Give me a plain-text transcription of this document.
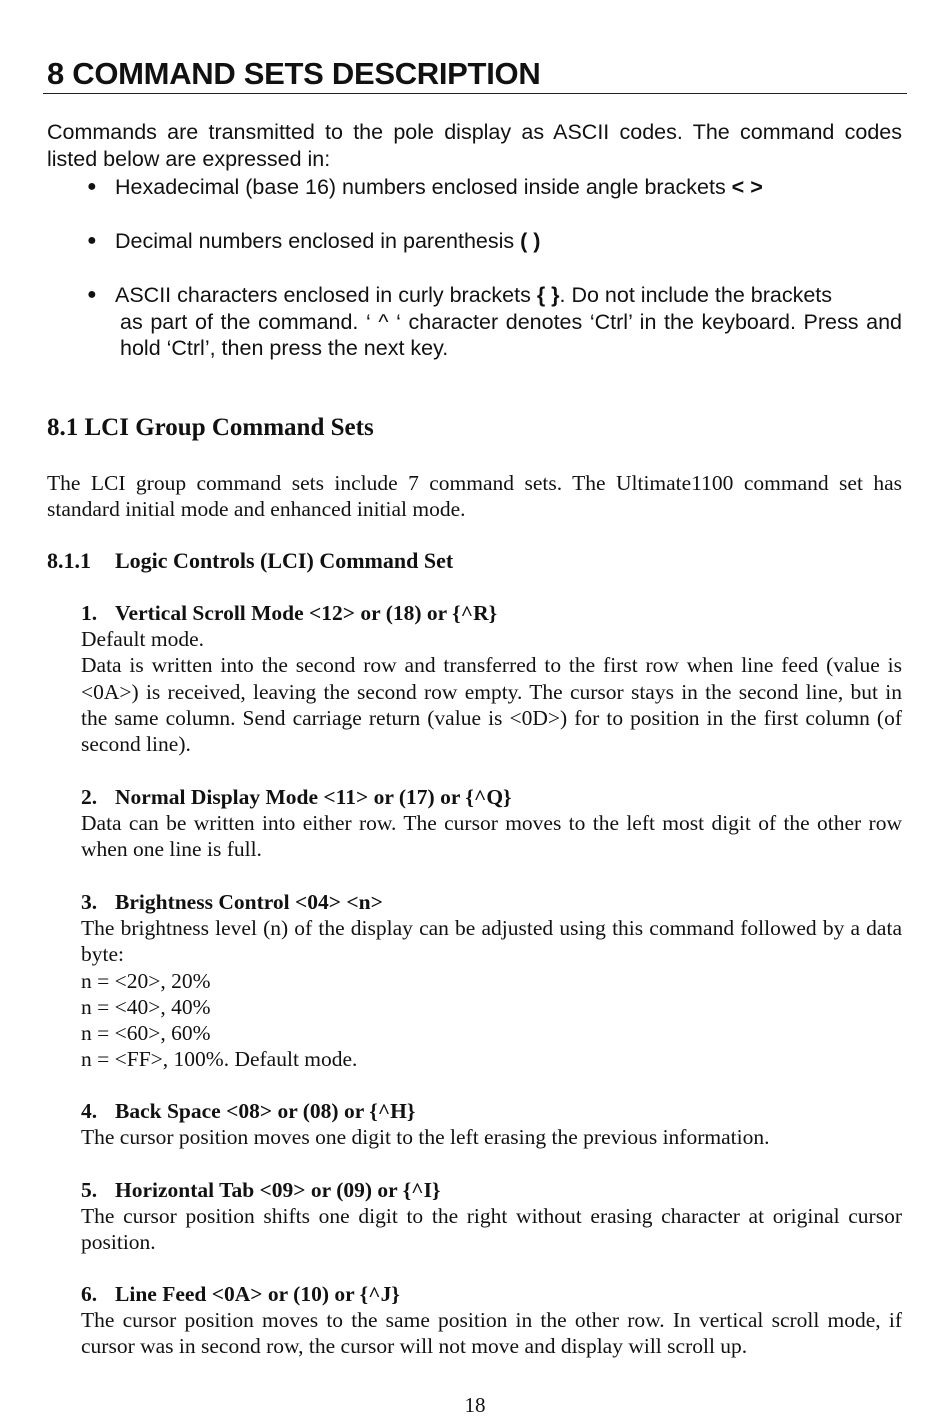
8 COMMAND SETS DESCRIPTION

Commands are transmitted to the pole display as ASCII codes. The command codes listed below are expressed in:

● Hexadecimal (base 16) numbers enclosed inside angle brackets < >
● Decimal numbers enclosed in parenthesis ( )
● ASCII characters enclosed in curly brackets { }. Do not include the brackets
as part of the command. ‘ ^ ‘ character denotes ‘Ctrl’ in the keyboard. Press and hold ‘Ctrl’, then press the next key.
8.1 LCI Group Command Sets

The LCI group command sets include 7 command sets. The Ultimate1100 command set has standard initial mode and enhanced initial mode.

8.1.1 Logic Controls (LCI) Command Set

1. Vertical Scroll Mode <12> or (18) or {^R}

Default mode.

Data is written into the second row and transferred to the first row when line feed (value is <0A>) is received, leaving the second row empty. The cursor stays in the second line, but in the same column. Send carriage return (value is <0D>) for to position in the first column (of second line).

2. Normal Display Mode <11> or (17) or {^Q}

Data can be written into either row. The cursor moves to the left most digit of the other row when one line is full.

3. Brightness Control <04> <n>

The brightness level (n) of the display can be adjusted using this command followed by a data byte:

n = <20>, 20%

n = <40>, 40%

n = <60>, 60%

n = <FF>, 100%. Default mode.

4. Back Space <08> or (08) or {^H}

The cursor position moves one digit to the left erasing the previous information.

5. Horizontal Tab <09> or (09) or {^I}

The cursor position shifts one digit to the right without erasing character at original cursor position.

6. Line Feed <0A> or (10) or {^J}

The cursor position moves to the same position in the other row. In vertical scroll mode, if cursor was in second row, the cursor will not move and display will scroll up.

18
